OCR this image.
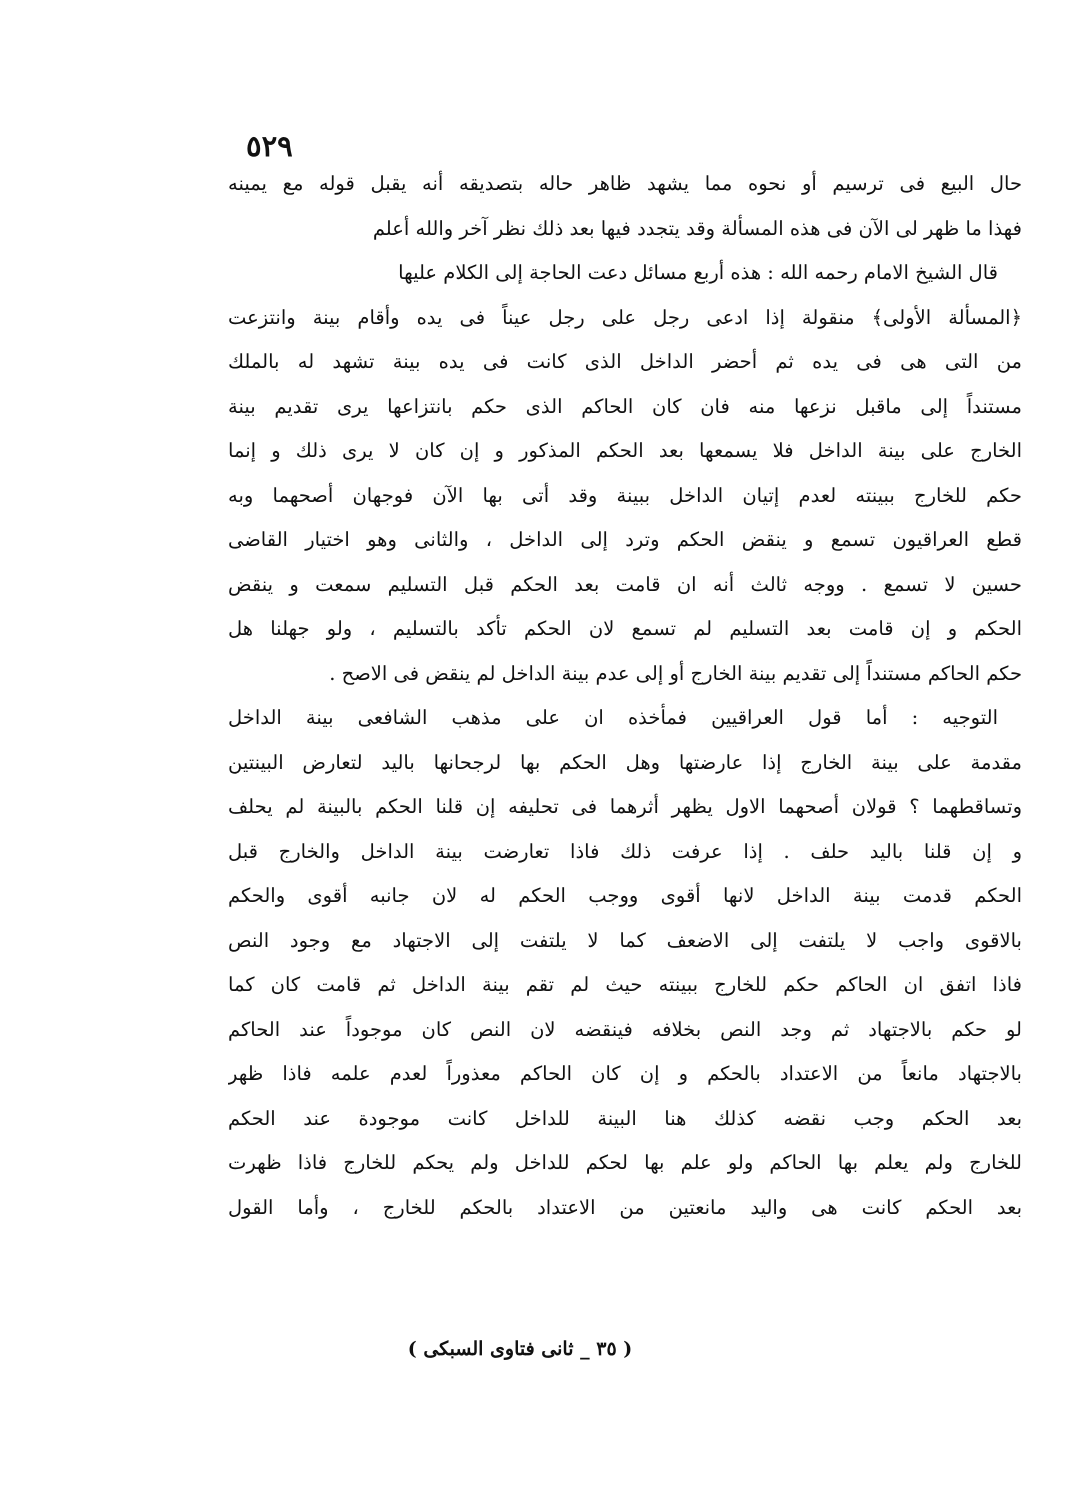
٥٢٩
حال البيع فى ترسيم أو نحوه مما يشهد ظاهر حاله بتصديقه أنه يقبل قوله مع يمينه
فهذا ما ظهر لى الآن فى هذه المسألة وقد يتجدد فيها بعد ذلك نظر آخر والله أعلم
قال الشيخ الامام رحمه الله : هذه أربع مسائل دعت الحاجة إلى الكلام عليها
﴿المسألة الأولى﴾ منقولة إذا ادعى رجل على رجل عيناً فى يده وأقام بينة وانتزعت
من التى هى فى يده ثم أحضر الداخل الذى كانت فى يده بينة تشهد له بالملك
مستنداً إلى ماقبل نزعها منه فان كان الحاكم الذى حكم بانتزاعها يرى تقديم بينة
الخارج على بينة الداخل فلا يسمعها بعد الحكم المذكور و إن كان لا يرى ذلك و إنما
حكم للخارج ببينته لعدم إتيان الداخل ببينة وقد أتى بها الآن فوجهان أصحهما وبه
قطع العراقيون تسمع و ينقض الحكم وترد إلى الداخل ، والثانى وهو اختيار القاضى
حسين لا تسمع . ووجه ثالث أنه ان قامت بعد الحكم قبل التسليم سمعت و ينقض
الحكم و إن قامت بعد التسليم لم تسمع لان الحكم تأكد بالتسليم ، ولو جهلنا هل
حكم الحاكم مستنداً إلى تقديم بينة الخارج أو إلى عدم بينة الداخل لم ينقض فى الاصح .
التوجيه : أما قول العراقيين فمأخذه ان على مذهب الشافعى بينة الداخل
مقدمة على بينة الخارج إذا عارضتها وهل الحكم بها لرجحانها باليد لتعارض البينتين
وتساقطهما ؟ قولان أصحهما الاول يظهر أثرهما فى تحليفه إن قلنا الحكم بالبينة لم يحلف
و إن قلنا باليد حلف . إذا عرفت ذلك فاذا تعارضت بينة الداخل والخارج قبل
الحكم قدمت بينة الداخل لانها أقوى ووجب الحكم له لان جانبه أقوى والحكم
بالاقوى واجب لا يلتفت إلى الاضعف كما لا يلتفت إلى الاجتهاد مع وجود النص
فاذا اتفق ان الحاكم حكم للخارج ببينته حيث لم تقم بينة الداخل ثم قامت كان كما
لو حكم بالاجتهاد ثم وجد النص بخلافه فينقضه لان النص كان موجوداً عند الحاكم
بالاجتهاد مانعاً من الاعتداد بالحكم و إن كان الحاكم معذوراً لعدم علمه فاذا ظهر
بعد الحكم وجب نقضه كذلك هنا البينة للداخل كانت موجودة عند الحكم
للخارج ولم يعلم بها الحاكم ولو علم بها لحكم للداخل ولم يحكم للخارج فاذا ظهرت
بعد الحكم كانت هى واليد مانعتين من الاعتداد بالحكم للخارج ، وأما القول
( ٣٥ _ ثانى فتاوى السبكى )
